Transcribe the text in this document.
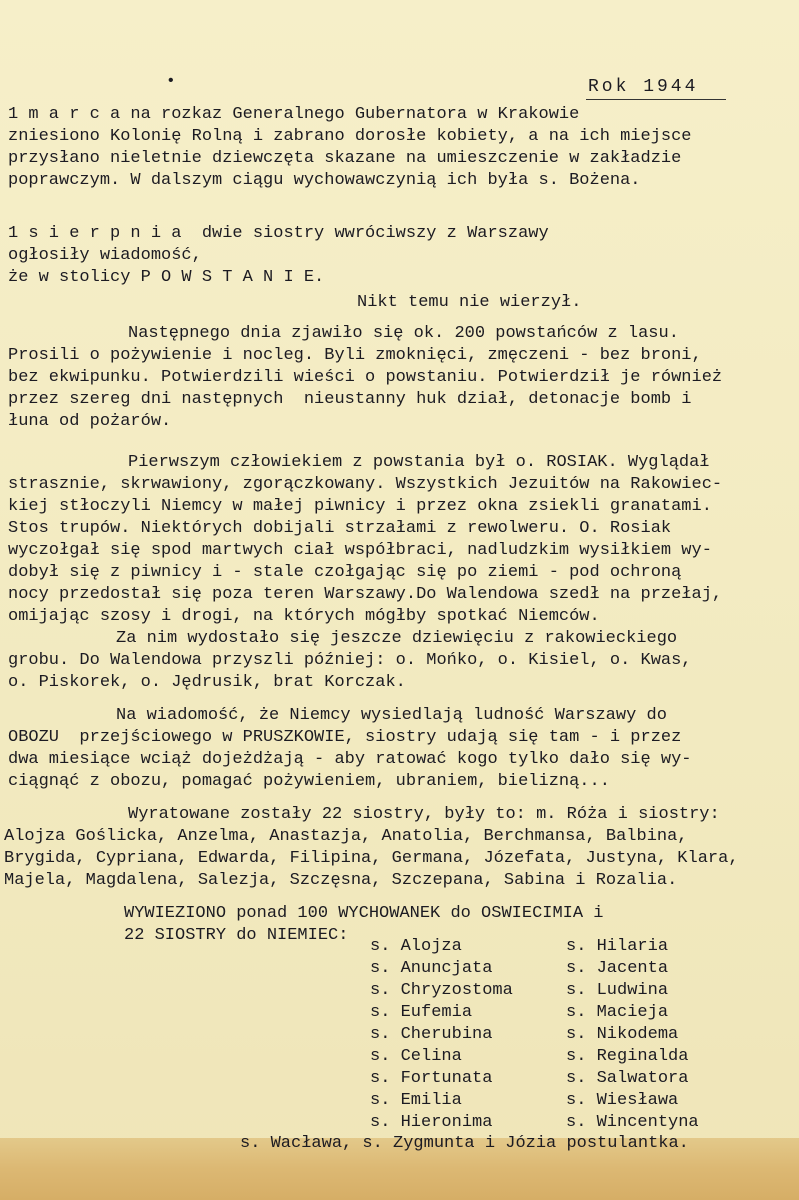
•	Rok 1944
1 m a r c a na rozkaz Generalnego Gubernatora w Krakowie
zniesiono Kolonię Rolną i zabrano dorosłe kobiety, a na ich miejsce
przysłano nieletnie dziewczęta skazane na umieszczenie w zakładzie
poprawczym. W dalszym ciągu wychowawczynią ich była s. Bożena.
1 s i e r p n i a  dwie siostry wwróciwszy z Warszawy
ogłosiły wiadomość,
że w stolicy P O W S T A N I E.
Nikt temu nie wierzył.
Następnego dnia zjawiło się ok. 200 powstańców z lasu.
Prosili o pożywienie i nocleg. Byli zmoknięci, zmęczeni - bez broni,
bez ekwipunku. Potwierdzili wieści o powstaniu. Potwierdził je również
przez szereg dni następnych  nieustanny huk dział, detonacje bomb i
łuna od pożarów.
Pierwszym człowiekiem z powstania był o. ROSIAK. Wyglądał
strasznie, skrwawiony, zgorączkowany. Wszystkich Jezuitów na Rakowiec-
kiej stłoczyli Niemcy w małej piwnicy i przez okna zsiekli granatami.
Stos trupów. Niektórych dobijali strzałami z rewolweru. O. Rosiak
wyczołgał się spod martwych ciał współbraci, nadludzkim wysiłkiem wy-
dobył się z piwnicy i - stale czołgając się po ziemi - pod ochroną
nocy przedostał się poza teren Warszawy.Do Walendowa szedł na przełaj,
omijając szosy i drogi, na których mógłby spotkać Niemców.
Za nim wydostało się jeszcze dziewięciu z rakowieckiego
grobu. Do Walendowa przyszli później: o. Mońko, o. Kisiel, o. Kwas,
o. Piskorek, o. Jędrusik, brat Korczak.
Na wiadomość, że Niemcy wysiedlają ludność Warszawy do
OBOZU  przejściowego w PRUSZKOWIE, siostry udają się tam - i przez
dwa miesiące wciąż dojeżdżają - aby ratować kogo tylko dało się wy-
ciągnąć z obozu, pomagać pożywieniem, ubraniem, bielizną...
Wyratowane zostały 22 siostry, były to: m. Róża i siostry:
Alojza Goślicka, Anzelma, Anastazja, Anatolia, Berchmansa, Balbina,
Brygida, Cypriana, Edwarda, Filipina, Germana, Józefata, Justyna, Klara,
Majela, Magdalena, Salezja, Szczęsna, Szczepana, Sabina i Rozalia.
WYWIEZIONO ponad 100 WYCHOWANEK do OSWIECIMIA i
22 SIOSTRY do NIEMIEC:
s. Alojza
s. Anuncjata
s. Chryzostoma
s. Eufemia
s. Cherubina
s. Celina
s. Fortunata
s. Emilia
s. Hieronima
s. Hilaria
s. Jacenta
s. Ludwina
s. Macieja
s. Nikodema
s. Reginalda
s. Salwatora
s. Wiesława
s. Wincentyna
s. Wacława, s. Zygmunta i Józia postulantka.
